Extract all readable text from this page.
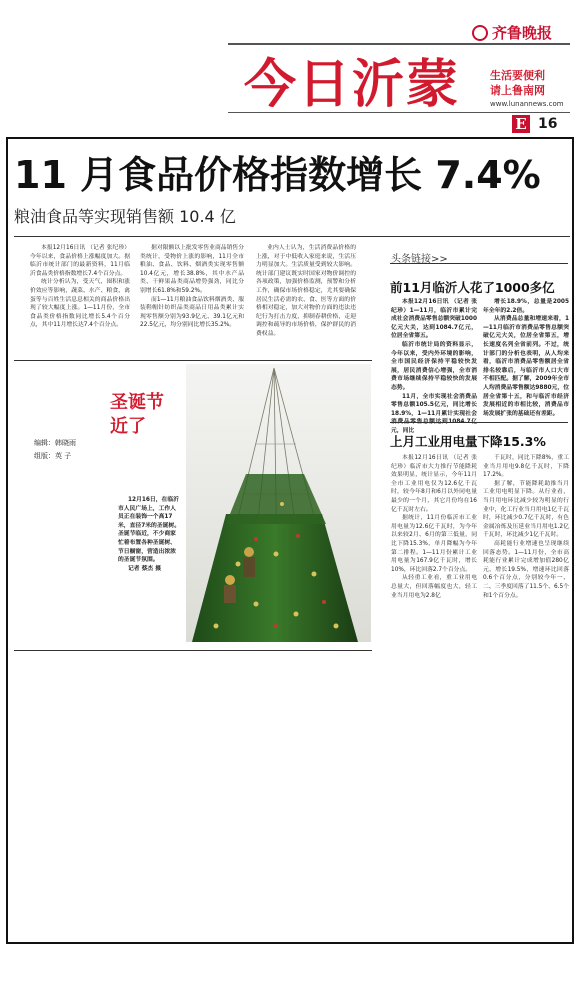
齐鲁晚报
今日沂蒙	生活要便利
请上鲁南网
www.lunannews.com
E 16
11 月食品价格指数增长 7.4%
粮油食品等实现销售额 10.4 亿

本报12月16日讯 （记者 张纪珍）今年以来，食品价格上涨幅度加大。据临沂市统计部门的最新资料，11月临沂食品类价格指数增长7.4个百分点。

统计分析认为，受天气、囤积和涨价效应等影响，蔬菜、水产、粮食、禽蛋等与百姓生活息息相关的商品价格出现了较大幅度上涨。1—11月份，全市食品类价格指数同比增长5.4个百分点，其中11月增长达7.4个百分点。

据对限额以上批发零售业商品销售分类统计，受物价上涨的影响，11月全市粮油、食品、饮料、烟酒类实现零售额10.4亿元，增长38.8%，其中水产品类、干鲜果品类商品增势强劲，同比分别增长61.8%和59.2%。

而1—11月粮油食品饮料烟酒类、服装鞋帽针纺织品类商品日用品类累计实现零售额分别为93.9亿元、39.1亿元和22.5亿元，均分别同比增长35.2%。

业内人士认为，生活消费品价格的上涨，对于中低收入家庭来说，生活压力明显加大。生活质量受到较大影响。统计部门建议既实时国家对物价调控的各项政策，加强价格监测，预警和分析工作，确保市场价格稳定，尤其要确保居民生活必需的农、食、医等方面的价格相对稳定，加大对物价方面的违法违纪行为打击力度，抑制春耕价格，走迎调控和疏导的市场价格，保护群民的消费权益。

编辑：韩晓雨
组版：英 子
圣诞节
近了
12月16日，在临沂市人民广场上，工作人员正在装饰一个高17米，直径7米的圣诞树。圣诞节临近，不少商家忙着布置各种圣诞树、节日橱窗，营造出浓浓的圣诞节氛围。
记者 蔡杰 摄
头条链接>>
前11月临沂人花了1000多亿

本报12月16日讯 （记者 张纪珍）1—11月，临沂市累计完成社会消费品零售总额突破1000亿元大关，达到1084.7亿元，位居全省第五。

临沂市统计局的资料显示，今年以来，受内外环境的影响，全市国民经济保持平稳较快发展，居民消费信心增强，全市消费市场继续保持平稳较快的发展态势。

11月，全市实现社会消费品零售总额105.5亿元，同比增长18.9%，1—11月累计实现社会消费品零售总额达到1084.7亿元，同比

增长18.9%，总量是2005年全年的2.2倍。

从消费品总量和增速来看，1—11月临沂市消费品零售总额突破亿元大关，位居全省第五，增长速度名列全省前列。不过，统计部门的分析也表明，从人均来看，临沂市消费品零售额居全省排名较靠后，与临沂市人口大市不相匹配。据了解，2009年全市人均消费品零售额达9880元，位居全省第十五，和与临沂市经济发展相近的市相比较，消费品市场发展扩张的基础还有差距。

上月工业用电量下降15.3%

本报12月16日讯 （记者 张纪珍）临沂市大力推行节能降耗效果明显，统计显示，今年11月全市工业用电仅为12.6亿千瓦时，较今年8月和6月以外同电量最少的一个月，其它月份均在16亿千瓦时左右。

据统计，11月份临沂市工业用电量为12.6亿千瓦时，为今年以来较2月、6月的第三低量，同比下降15.3%，单月降幅为今年第二排程。1—11月份累计工业用电量为167.9亿千瓦时，增长10%，环比回落2.7个百分点。

从轻重工业看，重工业用电总量大，但回落幅度也大，轻工业当月用电为2.8亿

千瓦时，同比下降8%，重工业当月用电9.8亿千瓦时，下降17.2%。

据了解，节能降耗助推当月工业用电明显下降。从行业看，当月用电环比减少较为明显的行业中，化工行业当月用电1亿千瓦时，环比减少0.7亿千瓦时，有色金属冶炼及压延业当月用电1.2亿千瓦时，环比减少1亿千瓦时。

高耗能行业增速也呈现继续回落态势。1—11月份，全市高耗能行业累计完成增加值280亿元，增长19.5%，增速环比回落0.6个百分点，分别较今年一、二、三季度回落了11.5个、6.5个和1个百分点。
